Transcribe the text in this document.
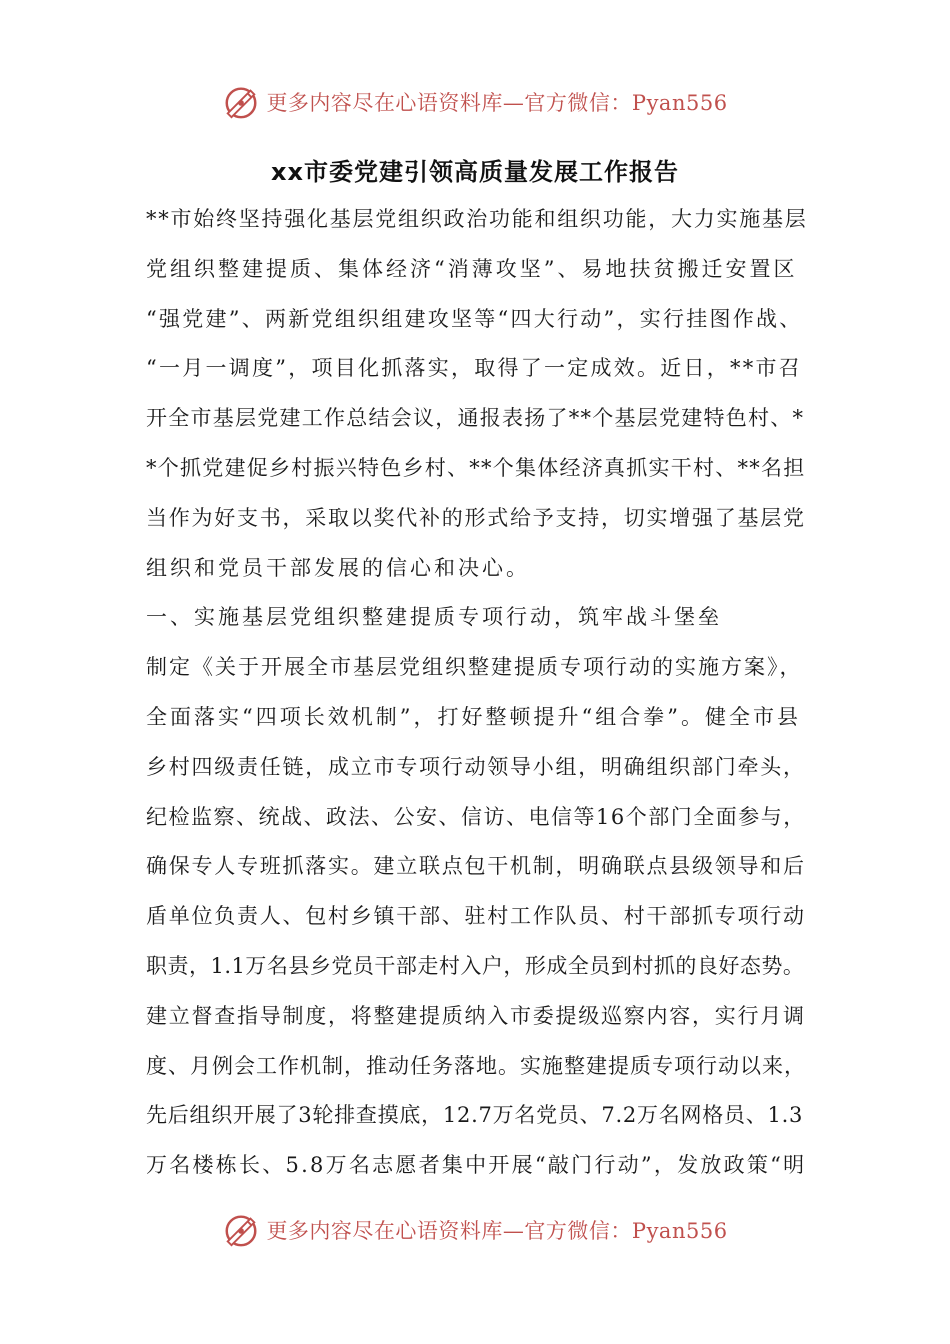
更多内容尽在心语资料库—官方微信：Pyan556
xx市委党建引领高质量发展工作报告
**市始终坚持强化基层党组织政治功能和组织功能，大力实施基层
党组织整建提质、集体经济“消薄攻坚”、易地扶贫搬迁安置区
“强党建”、两新党组织组建攻坚等“四大行动”，实行挂图作战、
“一月一调度”，项目化抓落实，取得了一定成效。近日，**市召
开全市基层党建工作总结会议，通报表扬了**个基层党建特色村、*
*个抓党建促乡村振兴特色乡村、**个集体经济真抓实干村、**名担
当作为好支书，采取以奖代补的形式给予支持，切实增强了基层党
组织和党员干部发展的信心和决心。
一、实施基层党组织整建提质专项行动，筑牢战斗堡垒
制定《关于开展全市基层党组织整建提质专项行动的实施方案》，
全面落实“四项长效机制”，打好整顿提升“组合拳”。健全市县
乡村四级责任链，成立市专项行动领导小组，明确组织部门牵头，
纪检监察、统战、政法、公安、信访、电信等16个部门全面参与，
确保专人专班抓落实。建立联点包干机制，明确联点县级领导和后
盾单位负责人、包村乡镇干部、驻村工作队员、村干部抓专项行动
职责，1.1万名县乡党员干部走村入户，形成全员到村抓的良好态势。
建立督查指导制度，将整建提质纳入市委提级巡察内容，实行月调
度、月例会工作机制，推动任务落地。实施整建提质专项行动以来，
先后组织开展了3轮排查摸底，12.7万名党员、7.2万名网格员、1.3
万名楼栋长、5.8万名志愿者集中开展“敲门行动”，发放政策“明
更多内容尽在心语资料库—官方微信：Pyan556
